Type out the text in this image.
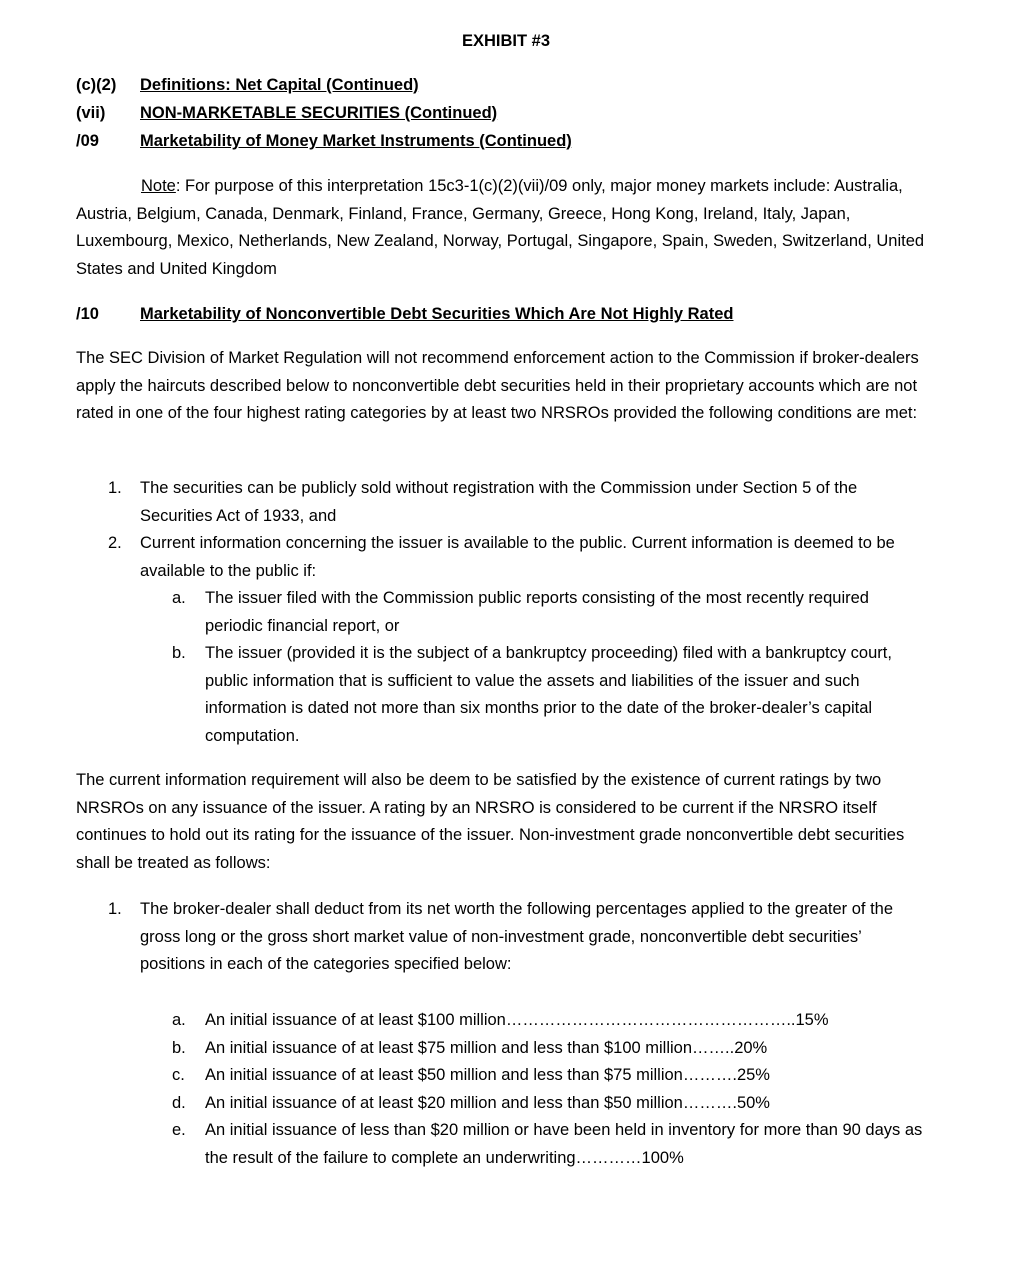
EXHIBIT #3
(c)(2) Definitions: Net Capital (Continued)
(vii) NON-MARKETABLE SECURITIES (Continued)
/09 Marketability of Money Market Instruments (Continued)
Note: For purpose of this interpretation 15c3-1(c)(2)(vii)/09 only, major money markets include: Australia, Austria, Belgium, Canada, Denmark, Finland, France, Germany, Greece, Hong Kong, Ireland, Italy, Japan, Luxembourg, Mexico, Netherlands, New Zealand, Norway, Portugal, Singapore, Spain, Sweden, Switzerland, United States and United Kingdom
/10 Marketability of Nonconvertible Debt Securities Which Are Not Highly Rated
The SEC Division of Market Regulation will not recommend enforcement action to the Commission if broker-dealers apply the haircuts described below to nonconvertible debt securities held in their proprietary accounts which are not rated in one of the four highest rating categories by at least two NRSROs provided the following conditions are met:
1. The securities can be publicly sold without registration with the Commission under Section 5 of the Securities Act of 1933, and
2. Current information concerning the issuer is available to the public. Current information is deemed to be available to the public if:
a. The issuer filed with the Commission public reports consisting of the most recently required periodic financial report, or
b. The issuer (provided it is the subject of a bankruptcy proceeding) filed with a bankruptcy court, public information that is sufficient to value the assets and liabilities of the issuer and such information is dated not more than six months prior to the date of the broker-dealer’s capital computation.
The current information requirement will also be deem to be satisfied by the existence of current ratings by two NRSROs on any issuance of the issuer. A rating by an NRSRO is considered to be current if the NRSRO itself continues to hold out its rating for the issuance of the issuer. Non-investment grade nonconvertible debt securities shall be treated as follows:
1. The broker-dealer shall deduct from its net worth the following percentages applied to the greater of the gross long or the gross short market value of non-investment grade, nonconvertible debt securities’ positions in each of the categories specified below:
a. An initial issuance of at least $100 million……………………………………………..15%
b. An initial issuance of at least $75 million and less than $100 million……..20%
c. An initial issuance of at least $50 million and less than $75 million……….25%
d. An initial issuance of at least $20 million and less than $50 million……….50%
e. An initial issuance of less than $20 million or have been held in inventory for more than 90 days as the result of the failure to complete an underwriting…………100%
